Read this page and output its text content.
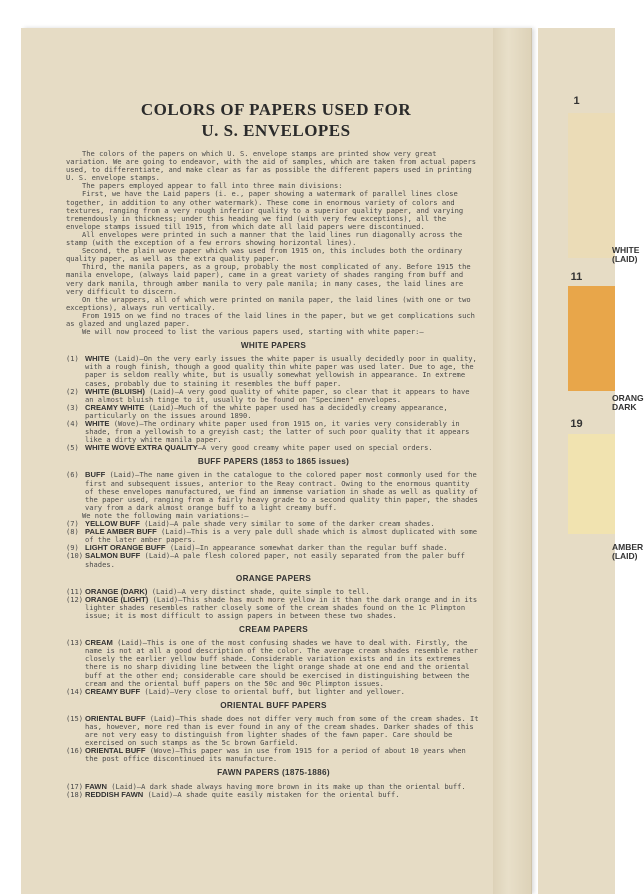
1
WHITE
(LAID)
11
ORANG
DARK
19
AMBER
(LAID)
COLORS OF PAPERS USED FOR
U. S. ENVELOPES

The colors of the papers on which U. S. envelope stamps are printed show very great variation. We are going to endeavor, with the aid of samples, which are taken from actual papers used, to differentiate, and make clear as far as possible the different papers used in printing U. S. envelope stamps.

The papers employed appear to fall into three main divisions:

First, we have the Laid papers (i. e., paper showing a watermark of parallel lines close together, in addition to any other watermark). These come in enormous variety of colors and textures, ranging from a very rough inferior quality to a superior quality paper, and varying tremendously in thickness; under this heading we find (with very few exceptions), all the envelope stamps issued till 1915, from which date all laid papers were discontinued.

All envelopes were printed in such a manner that the laid lines run diagonally across the stamp (with the exception of a few errors showing horizontal lines).

Second, the plain wove paper which was used from 1915 on, this includes both the ordinary quality paper, as well as the extra quality paper.

Third, the manila papers, as a group, probably the most complicated of any. Before 1915 the manila envelope, (always laid paper), came in a great variety of shades ranging from buff and very dark manila, through amber manila to very pale manila; in many cases, the laid lines are very difficult to discern.

On the wrappers, all of which were printed on manila paper, the laid lines (with one or two exceptions), always run vertically.

From 1915 on we find no traces of the laid lines in the paper, but we get complications such as glazed and unglazed paper.

We will now proceed to list the various papers used, starting with white paper:—

WHITE PAPERS
(1) WHITE (Laid)—On the very early issues the white paper is usually decidedly poor in quality, with a rough finish, though a good quality thin white paper was used later. Due to age, the paper is seldom really white, but is usually somewhat yellowish in appearance. In extreme cases, probably due to staining it resembles the buff paper.
(2) WHITE (BLUISH) (Laid)—A very good quality of white paper, so clear that it appears to have an almost bluish tinge to it, usually to be found on "Specimen" envelopes.
(3) CREAMY WHITE (Laid)—Much of the white paper used has a decidedly creamy appearance, particularly on the issues around 1890.
(4) WHITE (Wove)—The ordinary white paper used from 1915 on, it varies very considerably in shade, from a yellowish to a greyish cast; the latter of such poor quality that it appears like a dirty white manila paper.
(5) WHITE WOVE EXTRA QUALITY—A very good creamy white paper used on special orders.
BUFF PAPERS (1853 to 1865 issues)
(6) BUFF (Laid)—The name given in the catalogue to the colored paper most commonly used for the first and subsequent issues, anterior to the Reay contract. Owing to the enormous quantity of these envelopes manufactured, we find an immense variation in shade as well as quality of the paper used, ranging from a fairly heavy grade to a second quality thin paper, the shades vary from a dark almost orange buff to a light creamy buff.

We note the following main variations:—

(7) YELLOW BUFF (Laid)—A pale shade very similar to some of the darker cream shades.
(8) PALE AMBER BUFF (Laid)—This is a very pale dull shade which is almost duplicated with some of the later amber papers.
(9) LIGHT ORANGE BUFF (Laid)—In appearance somewhat darker than the regular buff shade.
(10) SALMON BUFF (Laid)—A pale flesh colored paper, not easily separated from the paler buff shades.
ORANGE PAPERS
(11) ORANGE (DARK) (Laid)—A very distinct shade, quite simple to tell.
(12) ORANGE (LIGHT) (Laid)—This shade has much more yellow in it than the dark orange and in its lighter shades resembles rather closely some of the cream shades found on the 1c Plimpton issue; it is most difficult to assign papers in between these two shades.
CREAM PAPERS
(13) CREAM (Laid)—This is one of the most confusing shades we have to deal with. Firstly, the name is not at all a good description of the color. The average cream shades resemble rather closely the earlier yellow buff shade. Considerable variation exists and in its extremes there is no sharp dividing line between the light orange shade at one end and the oriental buff at the other end; considerable care should be exercised in distinguishing between the cream and the oriental buff papers on the 50c and 90c Plimpton issues.
(14) CREAMY BUFF (Laid)—Very close to oriental buff, but lighter and yellower.
ORIENTAL BUFF PAPERS
(15) ORIENTAL BUFF (Laid)—This shade does not differ very much from some of the cream shades. It has, however, more red than is ever found in any of the cream shades. Darker shades of this are not very easy to distinguish from lighter shades of the fawn paper. Care should be exercised on such stamps as the 5c brown Garfield.
(16) ORIENTAL BUFF (Wove)—This paper was in use from 1915 for a period of about 10 years when the post office discontinued its manufacture.
FAWN PAPERS (1875-1886)
(17) FAWN (Laid)—A dark shade always having more brown in its make up than the oriental buff.
(18) REDDISH FAWN (Laid)—A shade quite easily mistaken for the oriental buff.
